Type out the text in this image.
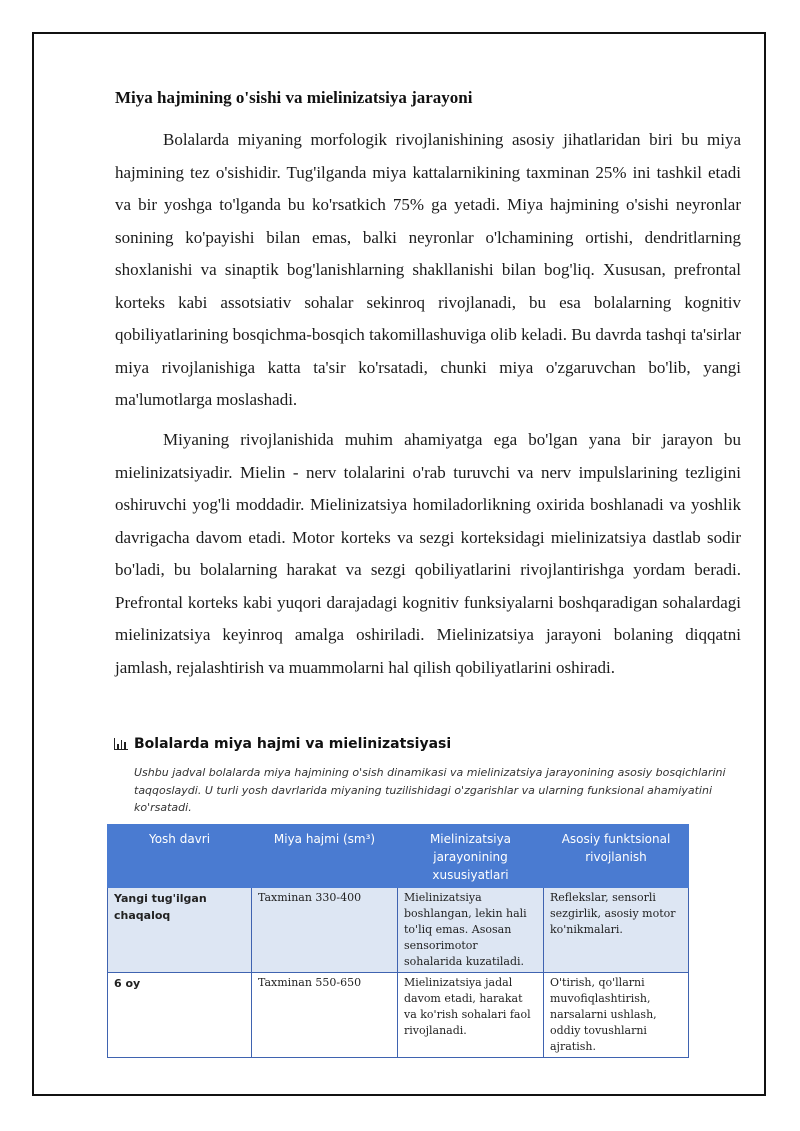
Miya hajmining o'sishi va mielinizatsiya jarayoni

Bolalarda miyaning morfologik rivojlanishining asosiy jihatlaridan biri bu miya hajmining tez o'sishidir. Tug'ilganda miya kattalarnikining taxminan 25% ini tashkil etadi va bir yoshga to'lganda bu ko'rsatkich 75% ga yetadi. Miya hajmining o'sishi neyronlar sonining ko'payishi bilan emas, balki neyronlar o'lchamining ortishi, dendritlarning shoxlanishi va sinaptik bog'lanishlarning shakllanishi bilan bog'liq. Xususan, prefrontal korteks kabi assotsiativ sohalar sekinroq rivojlanadi, bu esa bolalarning kognitiv qobiliyatlarining bosqichma-bosqich takomillashuviga olib keladi. Bu davrda tashqi ta'sirlar miya rivojlanishiga katta ta'sir ko'rsatadi, chunki miya o'zgaruvchan bo'lib, yangi ma'lumotlarga moslashadi.

Miyaning rivojlanishida muhim ahamiyatga ega bo'lgan yana bir jarayon bu mielinizatsiyadir. Mielin - nerv tolalarini o'rab turuvchi va nerv impulslarining tezligini oshiruvchi yog'li moddadir. Mielinizatsiya homiladorlikning oxirida boshlanadi va yoshlik davrigacha davom etadi. Motor korteks va sezgi korteksidagi mielinizatsiya dastlab sodir bo'ladi, bu bolalarning harakat va sezgi qobiliyatlarini rivojlantirishga yordam beradi. Prefrontal korteks kabi yuqori darajadagi kognitiv funksiyalarni boshqaradigan sohalardagi mielinizatsiya keyinroq amalga oshiriladi. Mielinizatsiya jarayoni bolaning diqqatni jamlash, rejalashtirish va muammolarni hal qilish qobiliyatlarini oshiradi.

Bolalarda miya hajmi va mielinizatsiyasi

Ushbu jadval bolalarda miya hajmining o'sish dinamikasi va mielinizatsiya jarayonining asosiy bosqichlarini taqqoslaydi. U turli yosh davrlarida miyaning tuzilishidagi o'zgarishlar va ularning funksional ahamiyatini ko'rsatadi.

Yosh davri	Miya hajmi (sm³)	Mielinizatsiya jarayonining xususiyatlari	Asosiy funktsional rivojlanish
Yangi tug'ilgan chaqaloq	Taxminan 330-400	Mielinizatsiya boshlangan, lekin hali to'liq emas. Asosan sensorimotor sohalarida kuzatiladi.	Reflekslar, sensorli sezgirlik, asosiy motor ko'nikmalari.
6 oy	Taxminan 550-650	Mielinizatsiya jadal davom etadi, harakat va ko'rish sohalari faol rivojlanadi.	O'tirish, qo'llarni muvofiqlashtirish, narsalarni ushlash, oddiy tovushlarni ajratish.
